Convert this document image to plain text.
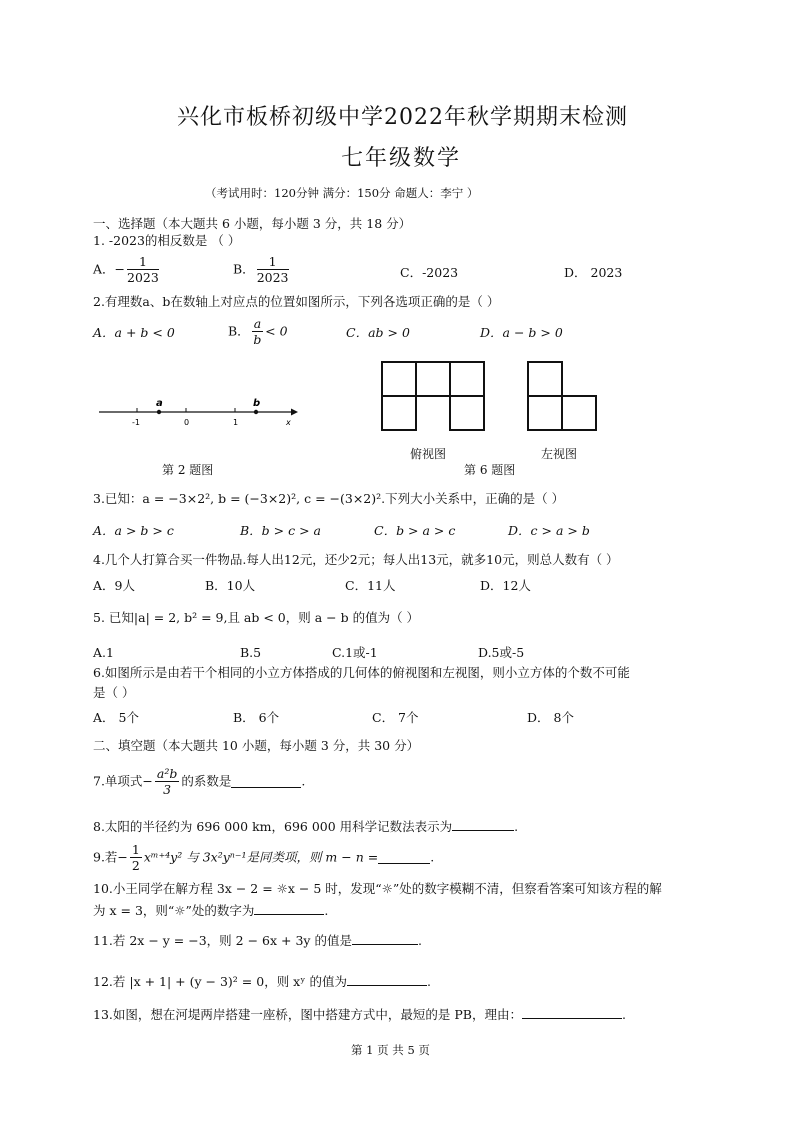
兴化市板桥初级中学2022年秋学期期末检测
七年级数学
（考试用时：120分钟 满分：150分 命题人：李宁 ）
一、选择题（本大题共 6 小题，每小题 3 分，共 18 分）
1. -2023的相反数是 （ ）
A．− $\frac{1}{2023}$	B． $\frac{1}{2023}$	C．-2023	D． 2023
2.有理数a、b在数轴上对应点的位置如图所示，下列各选项正确的是（ ）
A．a + b < 0	B． $\frac{a}{b} < 0$	C．ab > 0	D．a − b > 0
a	b
-1	0	1	x
第 2 题图
俯视图	左视图
第 6 题图
3.已知：a = −3×2², b = (−3×2)², c = −(3×2)².下列大小关系中，正确的是（ ）
A．a > b > c	B．b > c > a	C．b > a > c	D．c > a > b
4.几个人打算合买一件物品.每人出12元，还少2元；每人出13元，就多10元，则总人数有（ ）
A．9人	B．10人	C．11人	D．12人
5. 已知|a| = 2, b² = 9,且 ab < 0，则 a − b 的值为（ ）
A.1	B.5	C.1或-1	D.5或-5
6.如图所示是由若干个相同的小立方体搭成的几何体的俯视图和左视图，则小立方体的个数不可能
是（ ）
A． 5个	B． 6个	C． 7个	D． 8个
二、填空题（本大题共 10 小题，每小题 3 分，共 30 分）
7.单项式− $\frac{\text{a²b}}{3}$ 的系数是	.
8.太阳的半径约为 696 000 km，696 000 用科学记数法表示为	.
9.若− $\frac{1}{2}$ xᵐ⁺⁴y² 与 3x²yⁿ⁻¹是同类项，则 m − n =	.
10.小王同学在解方程 3x − 2 = ☼x − 5 时，发现“☼”处的数字模糊不清，但察看答案可知该方程的解
为 x = 3，则“☼”处的数字为	.
11.若 2x − y = −3，则 2 − 6x + 3y 的值是	.
12.若 |x + 1| + (y − 3)² = 0，则 xʸ 的值为	.
13.如图，想在河堤两岸搭建一座桥，图中搭建方式中，最短的是 PB，理由：	.
第 1 页 共 5 页
